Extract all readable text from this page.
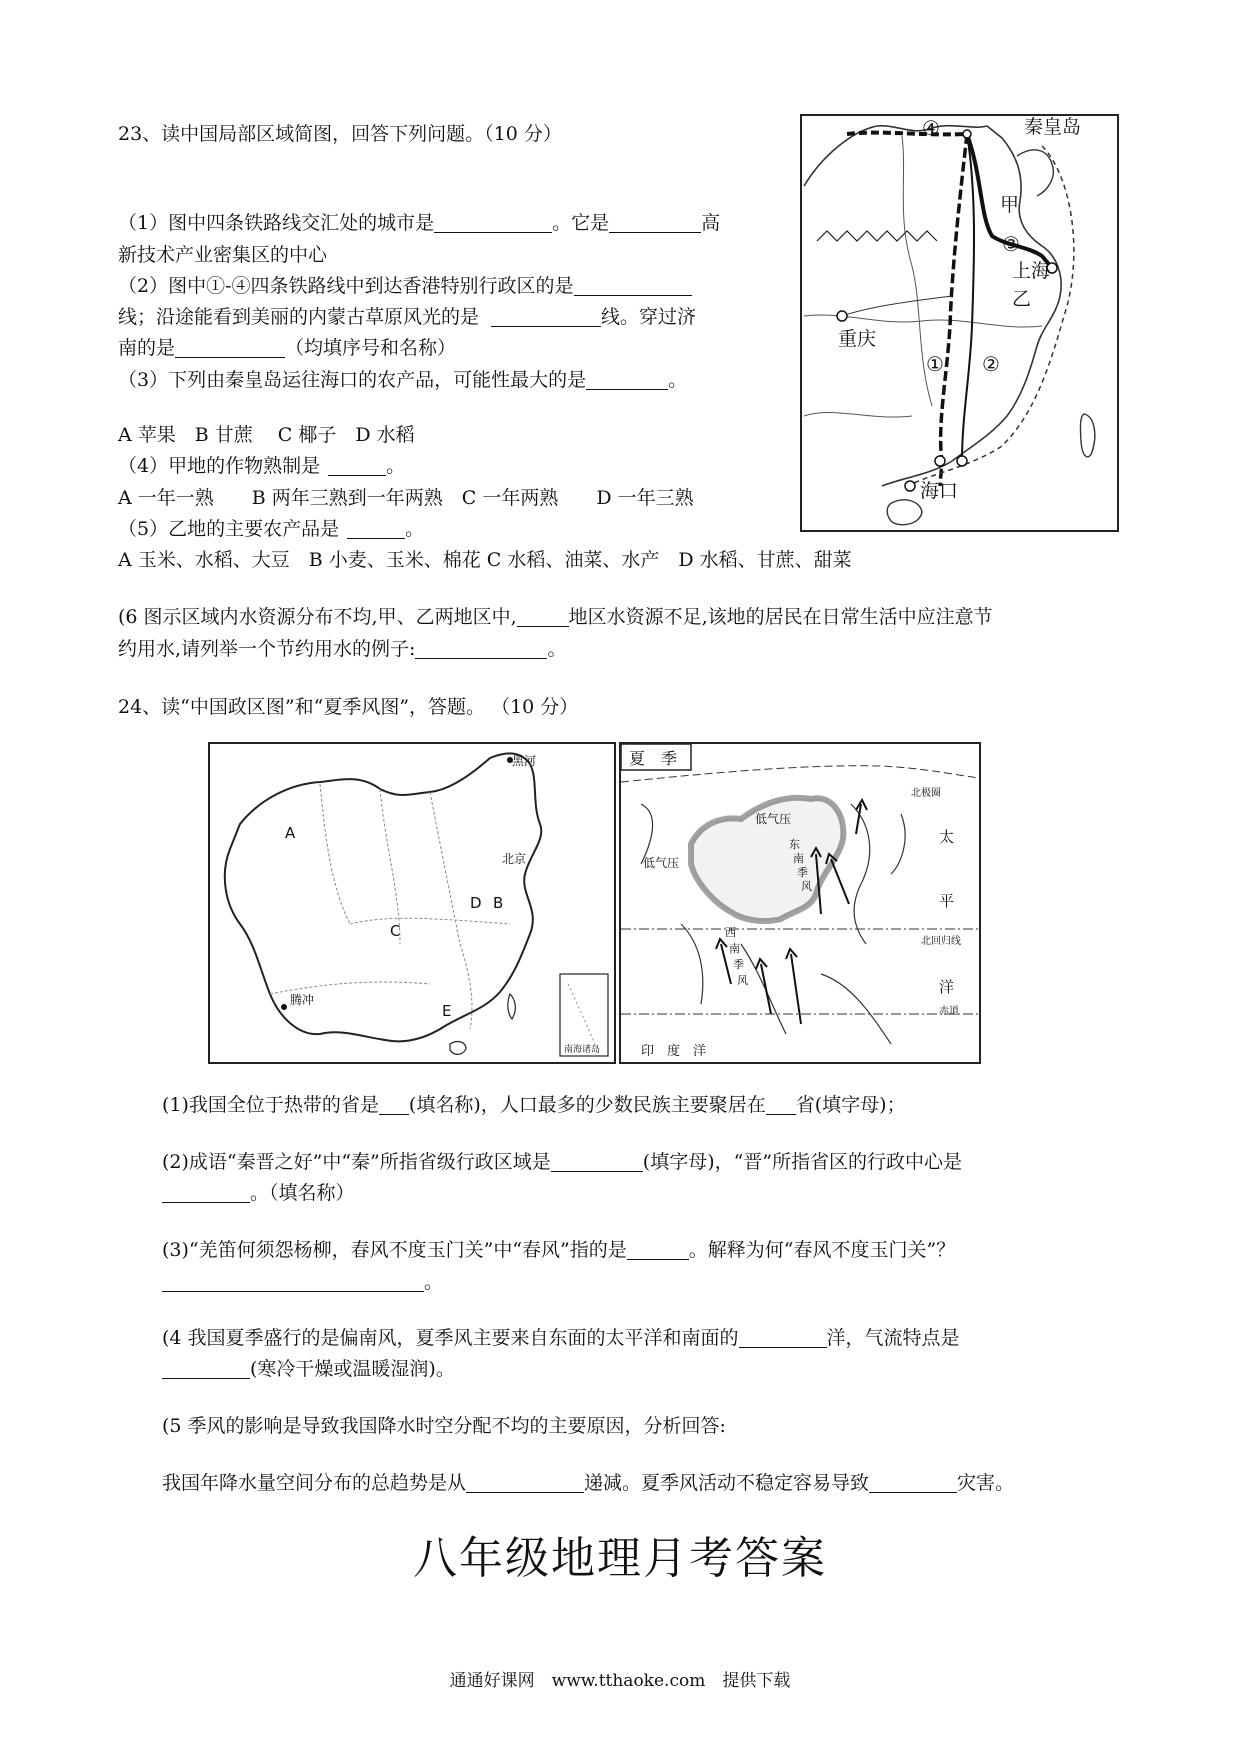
23、读中国局部区域简图，回答下列问题。（10 分）
（1）图中四条铁路线交汇处的城市是	。它是	高
新技术产业密集区的中心
（2）图中①-④四条铁路线中到达香港特别行政区的是
线；沿途能看到美丽的内蒙古草原风光的是	线。穿过济
南的是	（均填序号和名称）
（3）下列由秦皇岛运往海口的农产品，可能性最大的是	。
A 苹果　B 甘蔗　 C 椰子　D 水稻
（4）甲地的作物熟制是	。
A 一年一熟　　B 两年三熟到一年两熟　C 一年两熟　　D 一年三熟
（5）乙地的主要农产品是	。
A 玉米、水稻、大豆　B 小麦、玉米、棉花 C 水稻、油菜、水产　D 水稻、甘蔗、甜菜
(6 图示区域内水资源分布不均,甲、乙两地区中,	地区水资源不足,该地的居民在日常生活中应注意节
约用水,请列举一个节约用水的例子:	。
秦皇岛
甲
上海
乙
重庆
海口
① ②
③
④
24、读“中国政区图”和“夏季风图”，答题。 （10 分）
黑河
A
北京
D B
C
腾冲
E
南海诸岛
夏　季
北极圈
低气压
低气压
太
平
洋
北回归线
赤道
印　度　洋
东
南
季
风
西
南
季
风
(1)我国全位于热带的省是 (填名称)，人口最多的少数民族主要聚居在 省(填字母)；
(2)成语“秦晋之好”中“秦”所指省级行政区域是	(填字母)，“晋”所指省区的行政中心是
。（填名称）
(3)“羌笛何须怨杨柳，春风不度玉门关”中“春风”指的是	。解释为何“春风不度玉门关”？
。
(4 我国夏季盛行的是偏南风，夏季风主要来自东面的太平洋和南面的	洋，气流特点是
(寒冷干燥或温暖湿润)。
(5 季风的影响是导致我国降水时空分配不均的主要原因，分析回答:
我国年降水量空间分布的总趋势是从	递减。夏季风活动不稳定容易导致	灾害。
八年级地理月考答案
通通好课网　www.tthaoke.com　提供下载
